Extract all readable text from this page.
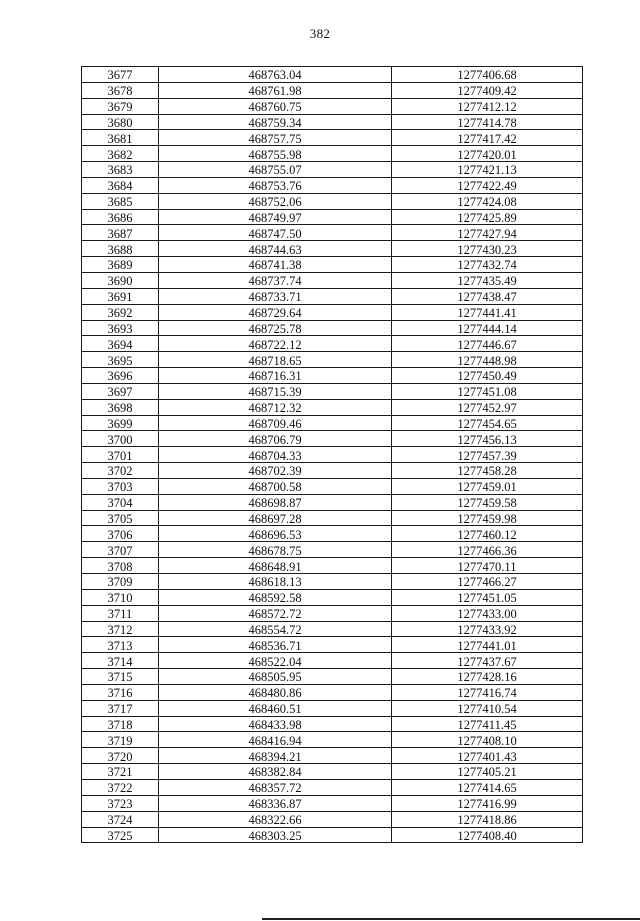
382
3677	468763.04	1277406.68
3678	468761.98	1277409.42
3679	468760.75	1277412.12
3680	468759.34	1277414.78
3681	468757.75	1277417.42
3682	468755.98	1277420.01
3683	468755.07	1277421.13
3684	468753.76	1277422.49
3685	468752.06	1277424.08
3686	468749.97	1277425.89
3687	468747.50	1277427.94
3688	468744.63	1277430.23
3689	468741.38	1277432.74
3690	468737.74	1277435.49
3691	468733.71	1277438.47
3692	468729.64	1277441.41
3693	468725.78	1277444.14
3694	468722.12	1277446.67
3695	468718.65	1277448.98
3696	468716.31	1277450.49
3697	468715.39	1277451.08
3698	468712.32	1277452.97
3699	468709.46	1277454.65
3700	468706.79	1277456.13
3701	468704.33	1277457.39
3702	468702.39	1277458.28
3703	468700.58	1277459.01
3704	468698.87	1277459.58
3705	468697.28	1277459.98
3706	468696.53	1277460.12
3707	468678.75	1277466.36
3708	468648.91	1277470.11
3709	468618.13	1277466.27
3710	468592.58	1277451.05
3711	468572.72	1277433.00
3712	468554.72	1277433.92
3713	468536.71	1277441.01
3714	468522.04	1277437.67
3715	468505.95	1277428.16
3716	468480.86	1277416.74
3717	468460.51	1277410.54
3718	468433.98	1277411.45
3719	468416.94	1277408.10
3720	468394.21	1277401.43
3721	468382.84	1277405.21
3722	468357.72	1277414.65
3723	468336.87	1277416.99
3724	468322.66	1277418.86
3725	468303.25	1277408.40
